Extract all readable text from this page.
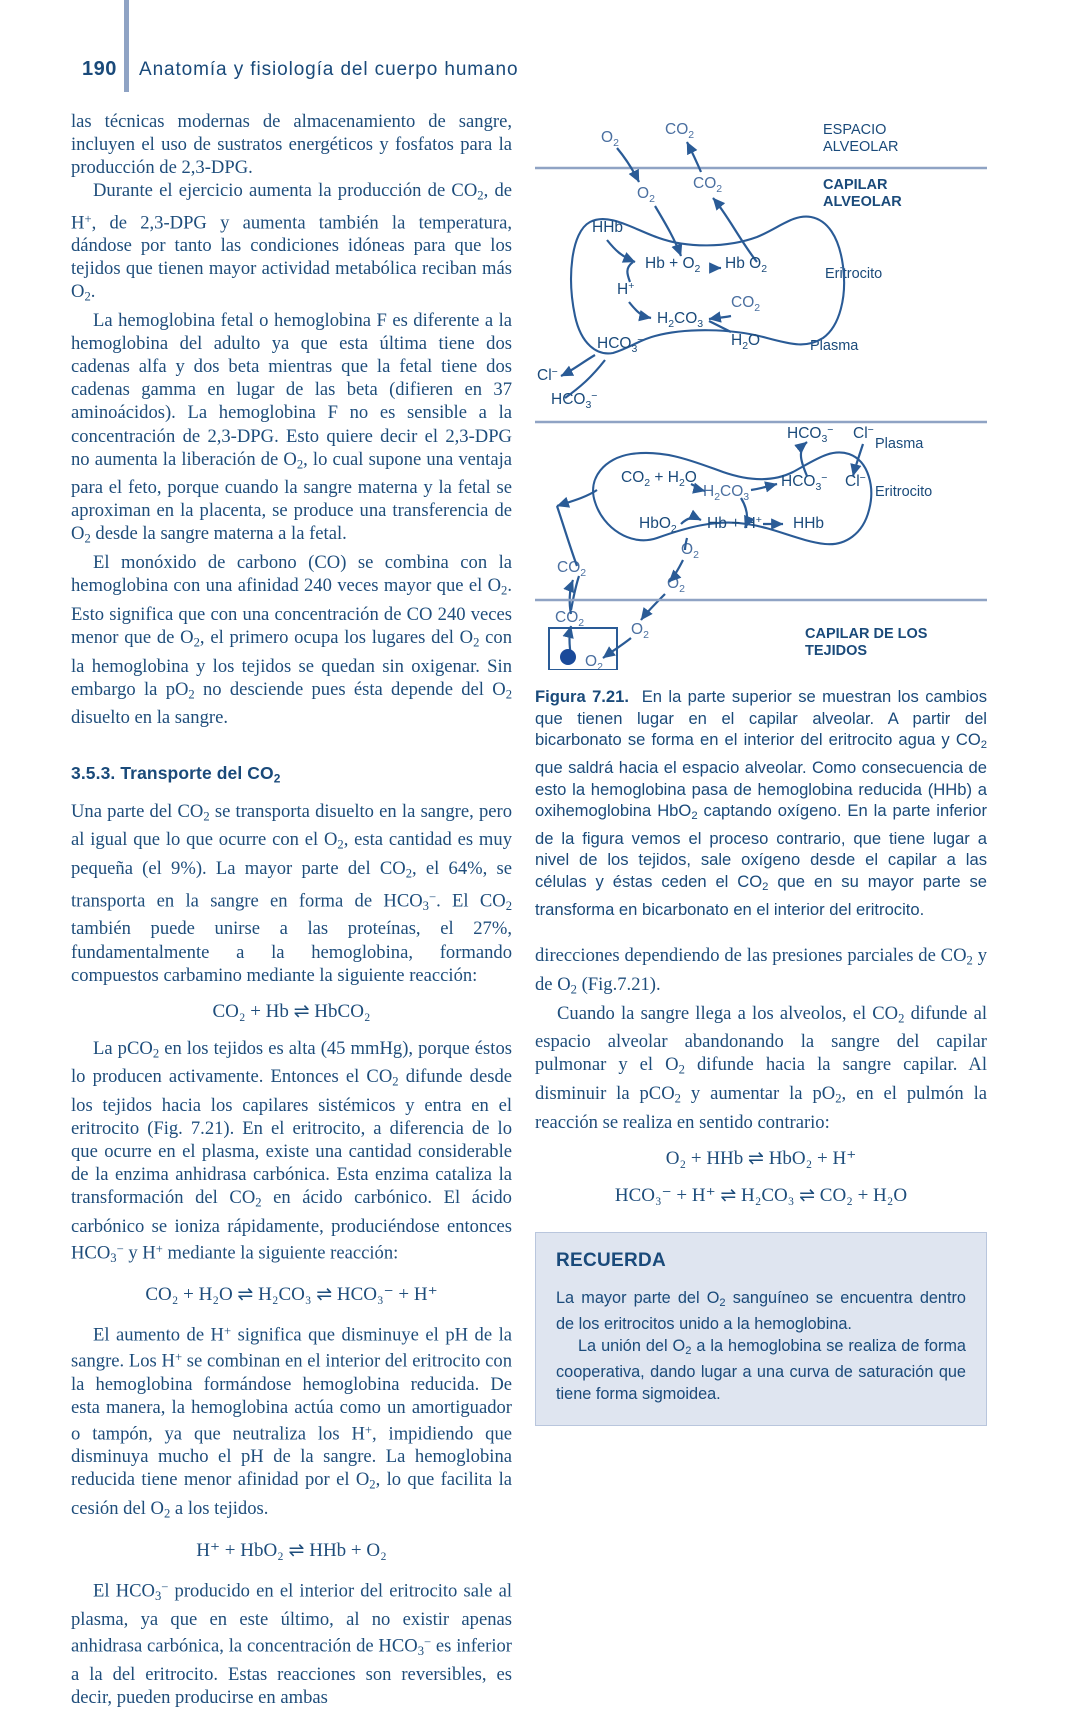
190 Anatomía y fisiología del cuerpo humano

las técnicas modernas de almacenamiento de sangre, incluyen el uso de sustratos energéticos y fosfatos para la producción de 2,3-DPG.

Durante el ejercicio aumenta la producción de $CO_2$, de H+, de 2,3-DPG y aumenta también la temperatura, dándose por tanto las condiciones idóneas para que los tejidos que tienen mayor actividad metabólica reciban más $O_2$.

La hemoglobina fetal o hemoglobina F es diferente a la hemoglobina del adulto ya que esta última tiene dos cadenas alfa y dos beta mientras que la fetal tiene dos cadenas gamma en lugar de las beta (difieren en 37 aminoácidos). La hemoglobina F no es sensible a la concentración de 2,3-DPG. Esto quiere decir el 2,3-DPG no aumenta la liberación de $O_2$, lo cual supone una ventaja para el feto, porque cuando la sangre materna y la fetal se aproximan en la placenta, se produce una transferencia de $O_2$ desde la sangre materna a la fetal.

El monóxido de carbono (CO) se combina con la hemoglobina con una afinidad 240 veces mayor que el $O_2$. Esto significa que con una concentración de CO 240 veces menor que de $O_2$, el primero ocupa los lugares del $O_2$ con la hemoglobina y los tejidos se quedan sin oxigenar. Sin embargo la $pO_2$ no desciende pues ésta depende del $O_2$ disuelto en la sangre.

3.5.3. Transporte del $CO_2$

Una parte del $CO_2$ se transporta disuelto en la sangre, pero al igual que lo que ocurre con el $O_2$, esta cantidad es muy pequeña (el 9%). La mayor parte del $CO_2$, el 64%, se transporta en la sangre en forma de $HCO_3^-$. El $CO_2$ también puede unirse a las proteínas, el 27%, fundamentalmente a la hemoglobina, formando compuestos carbamino mediante la siguiente reacción:

CO₂ + Hb ⇌ HbCO₂

La pCO$_2$ en los tejidos es alta (45 mmHg), porque éstos lo producen activamente. Entonces el $CO_2$ difunde desde los tejidos hacia los capilares sistémicos y entra en el eritrocito (Fig. 7.21). En el eritrocito, a diferencia de lo que ocurre en el plasma, existe una cantidad considerable de la enzima anhidrasa carbónica. Esta enzima cataliza la transformación del $CO_2$ en ácido carbónico. El ácido carbónico se ioniza rápidamente, produciéndose entonces $HCO_3^-$ y H+ mediante la siguiente reacción:

CO₂ + H₂O ⇌ H₂CO₃ ⇌ HCO₃⁻ + H⁺

El aumento de H+ significa que disminuye el pH de la sangre. Los H+ se combinan en el interior del eritrocito con la hemoglobina formándose hemoglobina reducida. De esta manera, la hemoglobina actúa como un amortiguador o tampón, ya que neutraliza los H+, impidiendo que disminuya mucho el pH de la sangre. La hemoglobina reducida tiene menor afinidad por el $O_2$, lo que facilita la cesión del $O_2$ a los tejidos.

H⁺ + HbO₂ ⇌ HHb + O₂

El $HCO_3^-$ producido en el interior del eritrocito sale al plasma, ya que en este último, al no existir apenas anhidrasa carbónica, la concentración de $HCO_3^-$ es inferior a la del eritrocito. Estas reacciones son reversibles, es decir, pueden producirse en ambas

ESPACIO
ALVEOLAR
CAPILAR
ALVEOLAR
Eritrocito
Plasma
$O_2$
$CO_2$
$O_2$
$CO_2$
HHb
$Hb + O_2$ Hb $O_2$
H+
$H_2CO_3$
$CO_2$
$H_2O$
$HCO_3^-$
Cl−
$HCO_3^-$
Plasma
Eritrocito
CAPILAR DE LOS
TEJIDOS
$HCO_3^-$ Cl−
$CO_2 + H_2O$
$H_2CO_3$
$HCO_3^-$ Cl−
HbO$_2$ Hb + H+ HHb
$O_2$
$CO_2$
$O_2$
$CO_2$	$O_2$
$O_2$
Figura 7.21. En la parte superior se muestran los cambios que tienen lugar en el capilar alveolar. A partir del bicarbonato se forma en el interior del eritrocito agua y $CO_2$ que saldrá hacia el espacio alveolar. Como consecuencia de esto la hemoglobina pasa de hemoglobina reducida (HHb) a oxihemoglobina HbO$_2$ captando oxígeno. En la parte inferior de la figura vemos el proceso contrario, que tiene lugar a nivel de los tejidos, sale oxígeno desde el capilar a las células y éstas ceden el $CO_2$ que en su mayor parte se transforma en bicarbonato en el interior del eritrocito.

direcciones dependiendo de las presiones parciales de $CO_2$ y de $O_2$ (Fig.7.21).

Cuando la sangre llega a los alveolos, el $CO_2$ difunde al espacio alveolar abandonando la sangre del capilar pulmonar y el $O_2$ difunde hacia la sangre capilar. Al disminuir la pCO$_2$ y aumentar la $pO_2$, en el pulmón la reacción se realiza en sentido contrario:

O₂ + HHb ⇌ HbO₂ + H⁺

HCO₃⁻ + H⁺ ⇌ H₂CO₃ ⇌ CO₂ + H₂O

RECUERDA

La mayor parte del $O_2$ sanguíneo se encuentra dentro de los eritrocitos unido a la hemoglobina.

La unión del $O_2$ a la hemoglobina se realiza de forma cooperativa, dando lugar a una curva de saturación que tiene forma sigmoidea.
